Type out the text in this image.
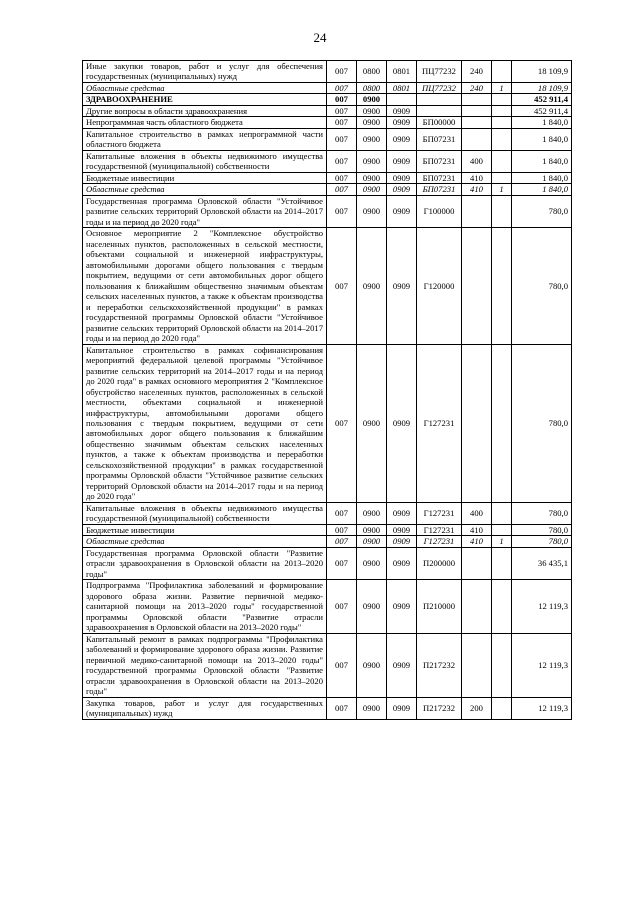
24
Иные закупки товаров, работ и услуг для обеспечения государственных (муниципальных) нужд	007	0800	0801	ПЦ77232	240		18 109,9
Областные средства	007	0800	0801	ПЦ77232	240	1	18 109,9
ЗДРАВООХРАНЕНИЕ	007	0900					452 911,4
Другие вопросы в области здравоохранения	007	0900	0909				452 911,4
Непрограммная часть областного бюджета	007	0900	0909	БП00000			1 840,0
Капитальное строительство в рамках непрограммной части областного бюджета	007	0900	0909	БП07231			1 840,0
Капитальные вложения в объекты недвижимого имущества государственной (муниципальной) собственности	007	0900	0909	БП07231	400		1 840,0
Бюджетные инвестиции	007	0900	0909	БП07231	410		1 840,0
Областные средства	007	0900	0909	БП07231	410	1	1 840,0
Государственная программа Орловской области "Устойчивое развитие сельских территорий Орловской области на 2014–2017 годы и на период до 2020 года"	007	0900	0909	Г100000			780,0
Основное мероприятие 2 "Комплексное обустройство населенных пунктов, расположенных в сельской местности, объектами социальной и инженерной инфраструктуры, автомобильными дорогами общего пользования с твердым покрытием, ведущими от сети автомобильных дорог общего пользования к ближайшим общественно значимым объектам сельских населенных пунктов, а также к объектам производства и переработки сельскохозяйственной продукции" в рамках государственной программы Орловской области "Устойчивое развитие сельских территорий Орловской области на 2014–2017 годы и на период до 2020 года"	007	0900	0909	Г120000			780,0
Капитальное строительство в рамках софинансирования мероприятий федеральной целевой программы "Устойчивое развитие сельских территорий на 2014–2017 годы и на период до 2020 года" в рамках основного мероприятия 2 "Комплексное обустройство населенных пунктов, расположенных в сельской местности, объектами социальной и инженерной инфраструктуры, автомобильными дорогами общего пользования с твердым покрытием, ведущими от сети автомобильных дорог общего пользования к ближайшим общественно значимым объектам сельских населенных пунктов, а также к объектам производства и переработки сельскохозяйственной продукции" в рамках государственной программы Орловской области "Устойчивое развитие сельских территорий Орловской области на 2014–2017 годы и на период до 2020 года"	007	0900	0909	Г127231			780,0
Капитальные вложения в объекты недвижимого имущества государственной (муниципальной) собственности	007	0900	0909	Г127231	400		780,0
Бюджетные инвестиции	007	0900	0909	Г127231	410		780,0
Областные средства	007	0900	0909	Г127231	410	1	780,0
Государственная программа Орловской области "Развитие отрасли здравоохранения в Орловской области на 2013–2020 годы"	007	0900	0909	П200000			36 435,1
Подпрограмма "Профилактика заболеваний и формирование здорового образа жизни. Развитие первичной медико-санитарной помощи на 2013–2020 годы" государственной программы Орловской области "Развитие отрасли здравоохранения в Орловской области на 2013–2020 годы"	007	0900	0909	П210000			12 119,3
Капитальный ремонт в рамках подпрограммы "Профилактика заболеваний и формирование здорового образа жизни. Развитие первичной медико-санитарной помощи на 2013–2020 годы" государственной программы Орловской области "Развитие отрасли здравоохранения в Орловской области на 2013–2020 годы"	007	0900	0909	П217232			12 119,3
Закупка товаров, работ и услуг для государственных (муниципальных) нужд	007	0900	0909	П217232	200		12 119,3
